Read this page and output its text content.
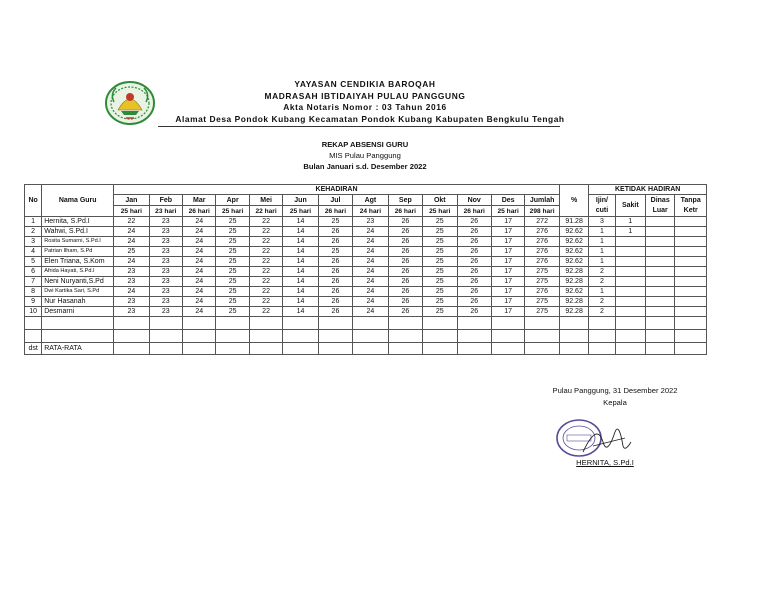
YAYASAN CENDIKIA BAROQAH
MADRASAH IBTIDAIYAH PULAU PANGGUNG
Akta Notaris Nomor : 03 Tahun 2016
Alamat Desa Pondok Kubang Kecamatan Pondok Kubang Kabupaten Bengkulu Tengah
REKAP ABSENSI GURU
MIS Pulau Panggung
Bulan Januari s.d. Desember 2022
No	Nama Guru	KEHADIRAN													%	KETIDAK HADIRAN			
		Jan	Feb	Mar	Apr	Mei	Jun	Jul	Agt	Sep	Okt	Nov	Des	Jumlah		Ijin/ cuti	Sakit	Dinas Luar	Tanpa Ketr
		25 hari	23 hari	26 hari	25 hari	22 hari	25 hari	26 hari	24 hari	26 hari	25 hari	26 hari	25 hari	298 hari					
1	Hernita, S.Pd.I	22	23	24	25	22	14	25	23	26	25	26	17	272	91.28	3	1		
2	Wahwi, S.Pd.I	24	23	24	25	22	14	26	24	26	25	26	17	276	92.62	1	1		
3	Rosita Sumarni, S.Pd.I	24	23	24	25	22	14	26	24	26	25	26	17	276	92.62	1			
4	Patrian Ilham, S.Pd	25	23	24	25	22	14	25	24	26	25	26	17	276	92.62	1			
5	Elen Triana, S.Kom	24	23	24	25	22	14	26	24	26	25	26	17	276	92.62	1			
6	Afrida Hayati, S.Pd.I	23	23	24	25	22	14	26	24	26	25	26	17	275	92.28	2			
7	Neni Nuryanti,S.Pd	23	23	24	25	22	14	26	24	26	25	26	17	275	92.28	2			
8	Dwi Kartika Sari, S.Pd	24	23	24	25	22	14	26	24	26	25	26	17	276	92.62	1			
9	Nur Hasanah	23	23	24	25	22	14	26	24	26	25	26	17	275	92.28	2			
10	Desmarni	23	23	24	25	22	14	26	24	26	25	26	17	275	92.28	2			

dst	RATA-RATA																		
Pulau Panggung, 31 Desember 2022
Kepala
HERNITA, S.Pd.I
